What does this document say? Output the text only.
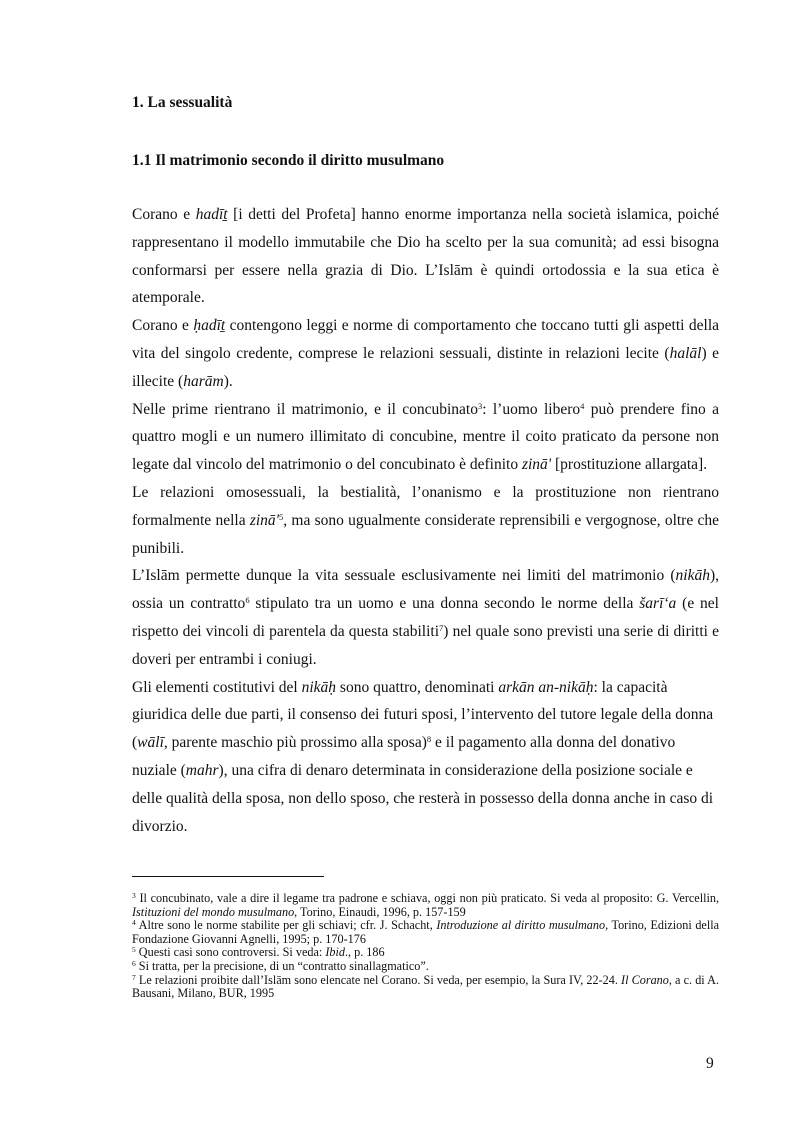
1. La sessualità
1.1 Il matrimonio secondo il diritto musulmano

Corano e hadīṯ [i detti del Profeta] hanno enorme importanza nella società islamica, poiché rappresentano il modello immutabile che Dio ha scelto per la sua comunità; ad essi bisogna conformarsi per essere nella grazia di Dio. L’Islām è quindi ortodossia e la sua etica è atemporale.

Corano e ḥadīṯ contengono leggi e norme di comportamento che toccano tutti gli aspetti della vita del singolo credente, comprese le relazioni sessuali, distinte in relazioni lecite (halāl) e illecite (harām).

Nelle prime rientrano il matrimonio, e il concubinato$^3$: l’uomo libero$^4$ può prendere fino a quattro mogli e un numero illimitato di concubine, mentre il coito praticato da persone non legate dal vincolo del matrimonio o del concubinato è definito zinā' [prostituzione allargata].

Le relazioni omosessuali, la bestialità, l’onanismo e la prostituzione non rientrano formalmente nella $zinā'^5$, ma sono ugualmente considerate reprensibili e vergognose, oltre che punibili.

L’Islām permette dunque la vita sessuale esclusivamente nei limiti del matrimonio (nikāh), ossia un contratto$^6$ stipulato tra un uomo e una donna secondo le norme della šarī‘a (e nel rispetto dei vincoli di parentela da questa stabiliti$^7$) nel quale sono previsti una serie di diritti e doveri per entrambi i coniugi.

Gli elementi costitutivi del nikāḥ sono quattro, denominati arkān an-nikāḥ: la capacità giuridica delle due parti, il consenso dei futuri sposi, l’intervento del tutore legale della donna (wālī, parente maschio più prossimo alla sposa)$^8$ e il pagamento alla donna del donativo nuziale (mahr), una cifra di denaro determinata in considerazione della posizione sociale e delle qualità della sposa, non dello sposo, che resterà in possesso della donna anche in caso di divorzio.

$^3$ Il concubinato, vale a dire il legame tra padrone e schiava, oggi non più praticato. Si veda al proposito: G. Vercellin, Istituzioni del mondo musulmano, Torino, Einaudi, 1996, p. 157-159

$^4$ Altre sono le norme stabilite per gli schiavi; cfr. J. Schacht, Introduzione al diritto musulmano, Torino, Edizioni della Fondazione Giovanni Agnelli, 1995; p. 170-176

$^5$ Questi casi sono controversi. Si veda: Ibid., p. 186

$^6$ Si tratta, per la precisione, di un “contratto sinallagmatico”.

$^7$ Le relazioni proibite dall’Islām sono elencate nel Corano. Si veda, per esempio, la Sura IV, 22-24. Il Corano, a c. di A. Bausani, Milano, BUR, 1995

9
